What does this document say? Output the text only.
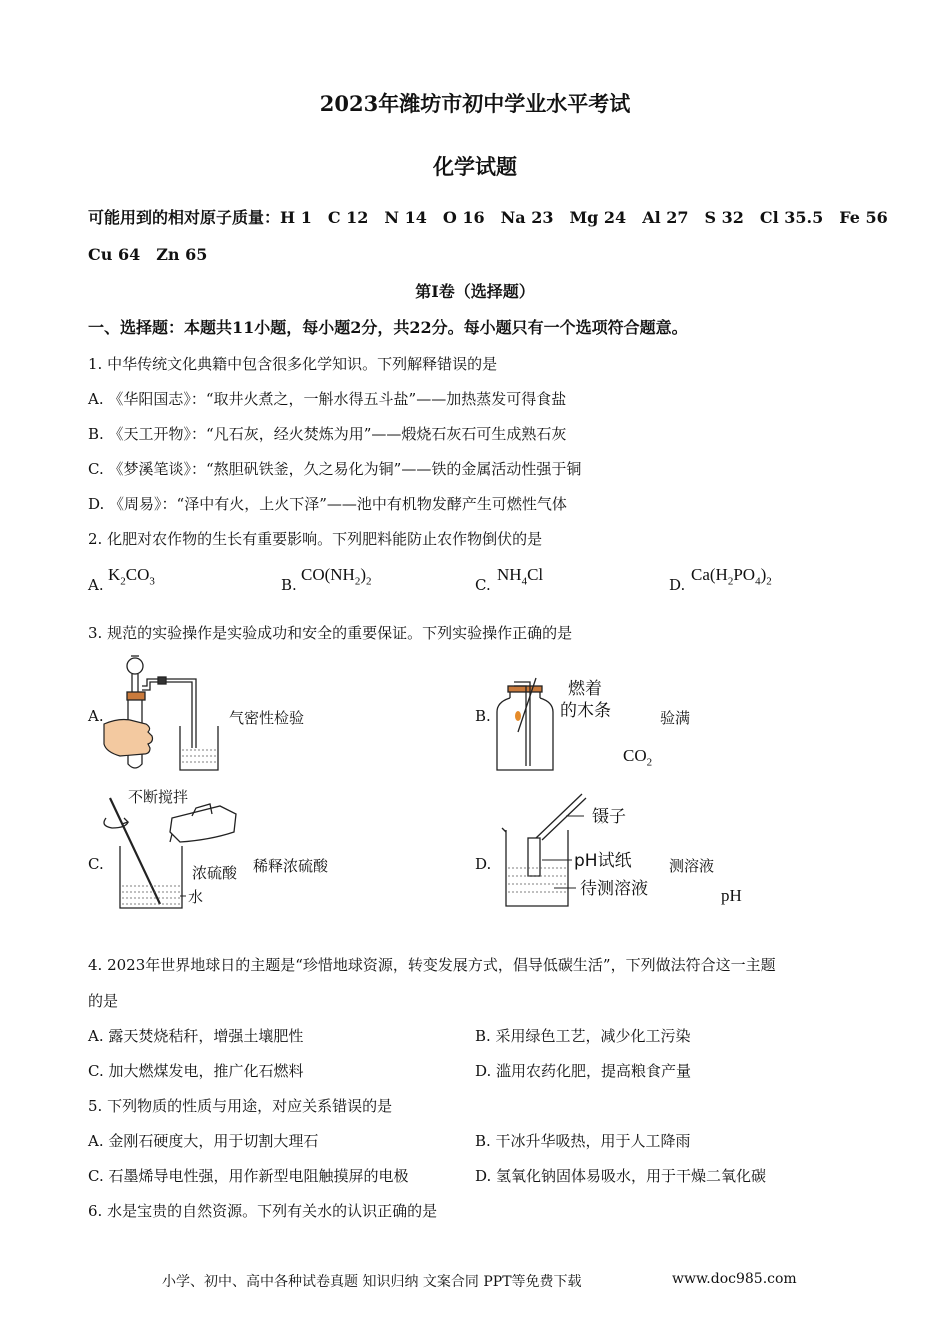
2023年潍坊市初中学业水平考试
化学试题
可能用到的相对原子质量：H 1　C 12　N 14　O 16　Na 23　Mg 24　Al 27　S 32　Cl 35.5　Fe 56
Cu 64　Zn 65
第Ⅰ卷（选择题）
一、选择题：本题共11小题，每小题2分，共22分。每小题只有一个选项符合题意。
1. 中华传统文化典籍中包含很多化学知识。下列解释错误的是
A. 《华阳国志》：“取井火煮之，一斛水得五斗盐”——加热蒸发可得食盐
B. 《天工开物》：“凡石灰，经火焚炼为用”——煅烧石灰石可生成熟石灰
C. 《梦溪笔谈》：“熬胆矾铁釜，久之易化为铜”——铁的金属活动性强于铜
D. 《周易》：“泽中有火，上火下泽”——池中有机物发酵产生可燃性气体
2. 化肥对农作物的生长有重要影响。下列肥料能防止农作物倒伏的是
A.
$K_2CO_3$	B.
$CO(NH_2)_2$	C.
$NH_4Cl$
D.
$Ca(H_2PO_4)_2$
3. 规范的实验操作是实验成功和安全的重要保证。下列实验操作正确的是
A.	气密性检验	B.
燃着
的木条	验满
$CO_2$
C.
不断搅拌
浓硫酸
水
稀释浓硫酸	D.
镊子
pH试纸
待测溶液
测溶液
pH
4. 2023年世界地球日的主题是“珍惜地球资源，转变发展方式，倡导低碳生活”，下列做法符合这一主题
的是
A. 露天焚烧秸秆，增强土壤肥性	B. 采用绿色工艺，减少化工污染
C. 加大燃煤发电，推广化石燃料	D. 滥用农药化肥，提高粮食产量
5. 下列物质的性质与用途，对应关系错误的是
A. 金刚石硬度大，用于切割大理石	B. 干冰升华吸热，用于人工降雨
C. 石墨烯导电性强，用作新型电阻触摸屏的电极	D. 氢氧化钠固体易吸水，用于干燥二氧化碳
6. 水是宝贵的自然资源。下列有关水的认识正确的是
小学、初中、高中各种试卷真题 知识归纳 文案合同 PPT等免费下载	www.doc985.com
